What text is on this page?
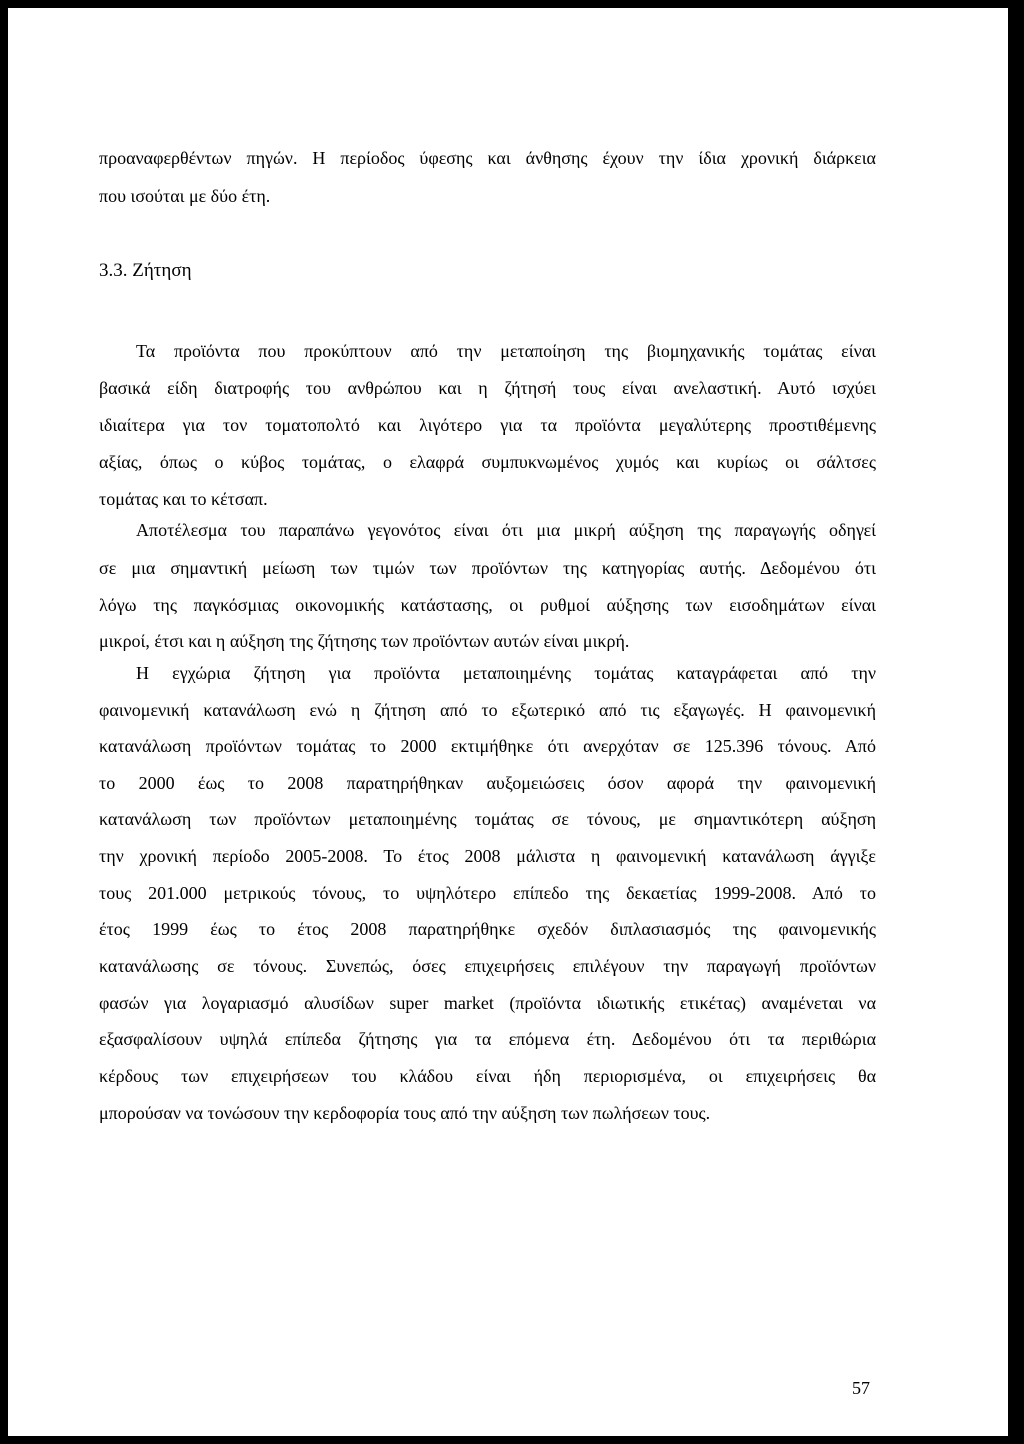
προαναφερθέντων πηγών. Η περίοδος ύφεσης και άνθησης έχουν την ίδια χρονική διάρκεια
που ισούται με δύο έτη.
3.3. Ζήτηση
Τα προϊόντα που προκύπτουν από την μεταποίηση της βιομηχανικής τομάτας είναι
βασικά είδη διατροφής του ανθρώπου και η ζήτησή τους είναι ανελαστική. Αυτό ισχύει
ιδιαίτερα για τον τοματοπολτό και λιγότερο για τα προϊόντα μεγαλύτερης προστιθέμενης
αξίας, όπως ο κύβος τομάτας, ο ελαφρά συμπυκνωμένος χυμός και κυρίως οι σάλτσες
τομάτας και το κέτσαπ.
Αποτέλεσμα του παραπάνω γεγονότος είναι ότι μια μικρή αύξηση της παραγωγής οδηγεί
σε μια σημαντική μείωση των τιμών των προϊόντων της κατηγορίας αυτής. Δεδομένου ότι
λόγω της παγκόσμιας οικονομικής κατάστασης, οι ρυθμοί αύξησης των εισοδημάτων είναι
μικροί, έτσι και η αύξηση της ζήτησης των προϊόντων αυτών είναι μικρή.
Η εγχώρια ζήτηση για προϊόντα μεταποιημένης τομάτας καταγράφεται από την
φαινομενική κατανάλωση ενώ η ζήτηση από το εξωτερικό από τις εξαγωγές. Η φαινομενική
κατανάλωση προϊόντων τομάτας το 2000 εκτιμήθηκε ότι ανερχόταν σε 125.396 τόνους. Από
το 2000 έως το 2008 παρατηρήθηκαν αυξομειώσεις όσον αφορά την φαινομενική
κατανάλωση των προϊόντων μεταποιημένης τομάτας σε τόνους, με σημαντικότερη αύξηση
την χρονική περίοδο 2005-2008. Το έτος 2008 μάλιστα η φαινομενική κατανάλωση άγγιξε
τους 201.000 μετρικούς τόνους, το υψηλότερο επίπεδο της δεκαετίας 1999-2008. Από το
έτος 1999 έως το έτος 2008 παρατηρήθηκε σχεδόν διπλασιασμός της φαινομενικής
κατανάλωσης σε τόνους. Συνεπώς, όσες επιχειρήσεις επιλέγουν την παραγωγή προϊόντων
φασών για λογαριασμό αλυσίδων super market (προϊόντα ιδιωτικής ετικέτας) αναμένεται να
εξασφαλίσουν υψηλά επίπεδα ζήτησης για τα επόμενα έτη. Δεδομένου ότι τα περιθώρια
κέρδους των επιχειρήσεων του κλάδου είναι ήδη περιορισμένα, οι επιχειρήσεις θα
μπορούσαν να τονώσουν την κερδοφορία τους από την αύξηση των πωλήσεων τους.
57
